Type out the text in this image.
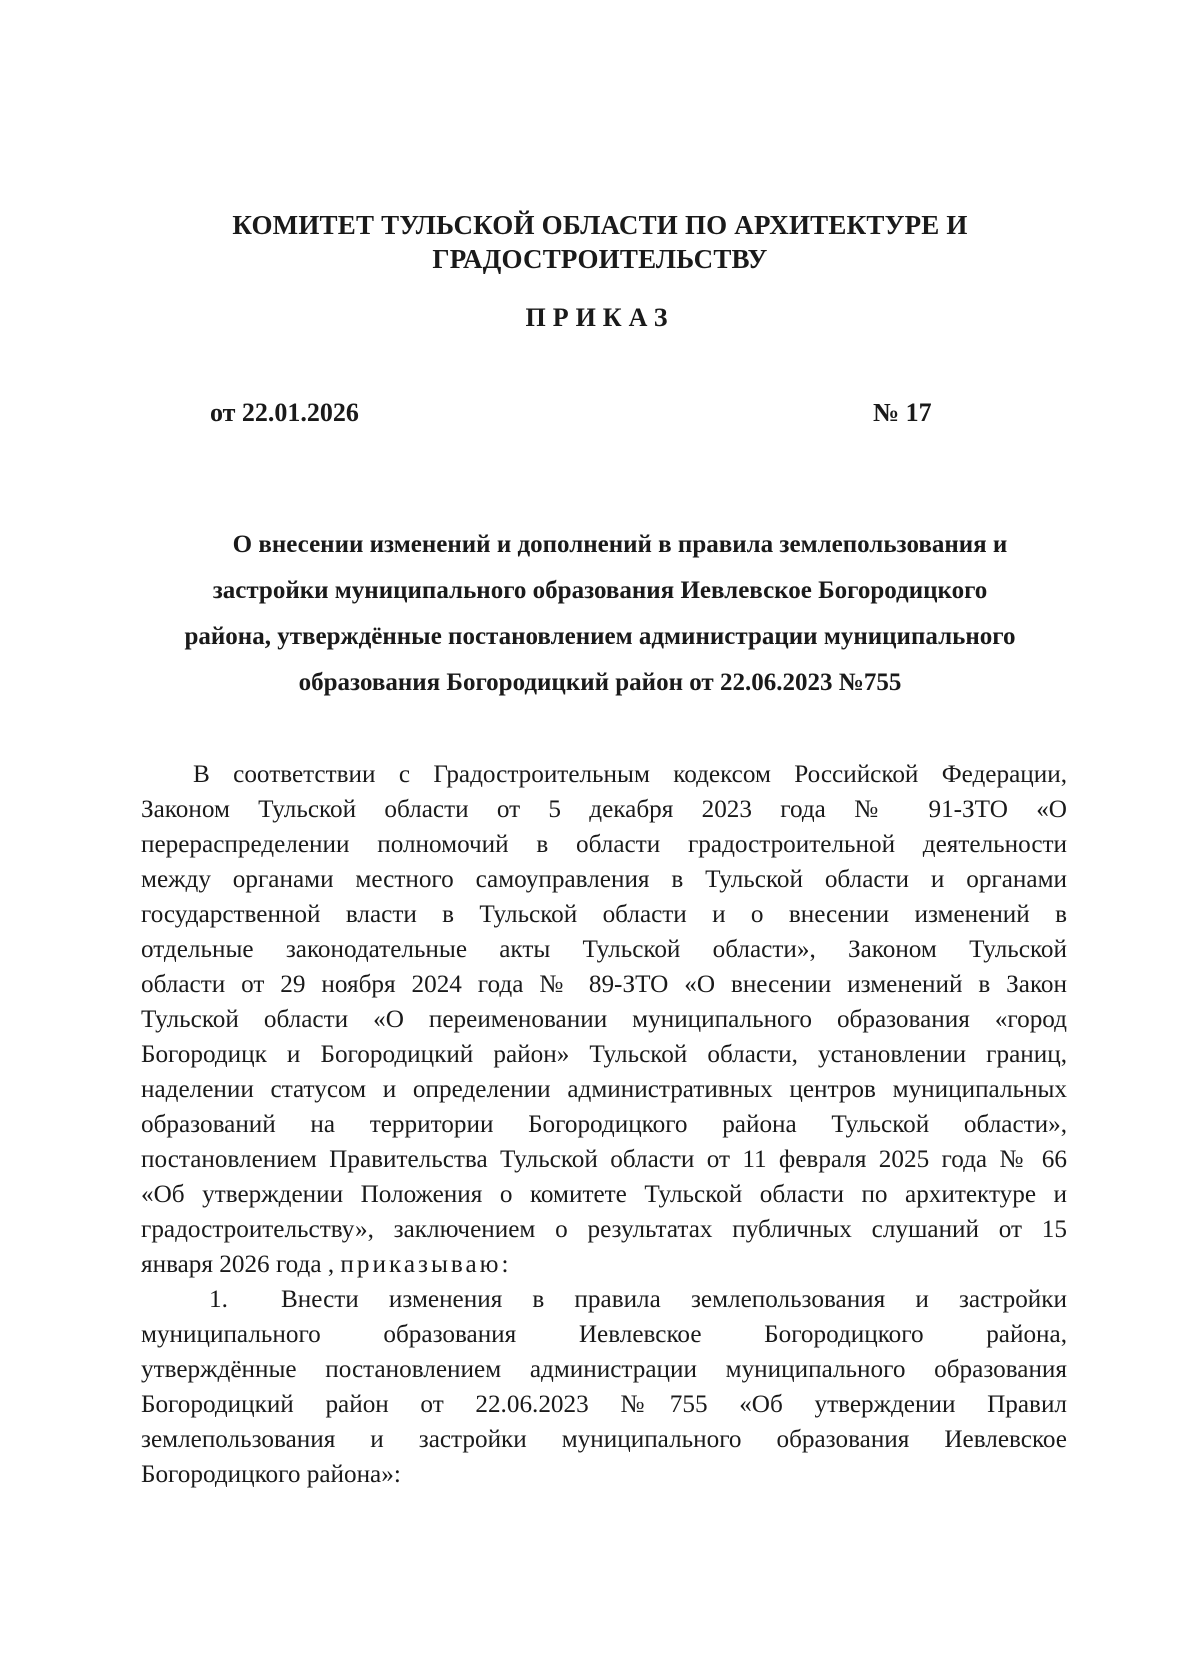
КОМИТЕТ ТУЛЬСКОЙ ОБЛАСТИ ПО АРХИТЕКТУРЕ И
ГРАДОСТРОИТЕЛЬСТВУ
ПРИКАЗ
от 22.01.2026	№ 17
О внесении изменений и дополнений в правила землепользования и
застройки муниципального образования Иевлевское Богородицкого
района, утверждённые постановлением администрации муниципального
образования Богородицкий район от 22.06.2023 №755
В соответствии с Градостроительным кодексом Российской Федерации,
Законом Тульской области от 5 декабря 2023 года № 91-ЗТО «О
перераспределении полномочий в области градостроительной деятельности
между органами местного самоуправления в Тульской области и органами
государственной власти в Тульской области и о внесении изменений в
отдельные законодательные акты Тульской области», Законом Тульской
области от 29 ноября 2024 года № 89-ЗТО «О внесении изменений в Закон
Тульской области «О переименовании муниципального образования «город
Богородицк и Богородицкий район» Тульской области, установлении границ,
наделении статусом и определении административных центров муниципальных
образований на территории Богородицкого района Тульской области»,
постановлением Правительства Тульской области от 11 февраля 2025 года № 66
«Об утверждении Положения о комитете Тульской области по архитектуре и
градостроительству», заключением о результатах публичных слушаний от 15
января 2026 года , приказываю:
1. Внести изменения в правила землепользования и застройки
муниципального образования Иевлевское Богородицкого района,
утверждённые постановлением администрации муниципального образования
Богородицкий район от 22.06.2023 №755 «Об утверждении Правил
землепользования и застройки муниципального образования Иевлевское
Богородицкого района»:
